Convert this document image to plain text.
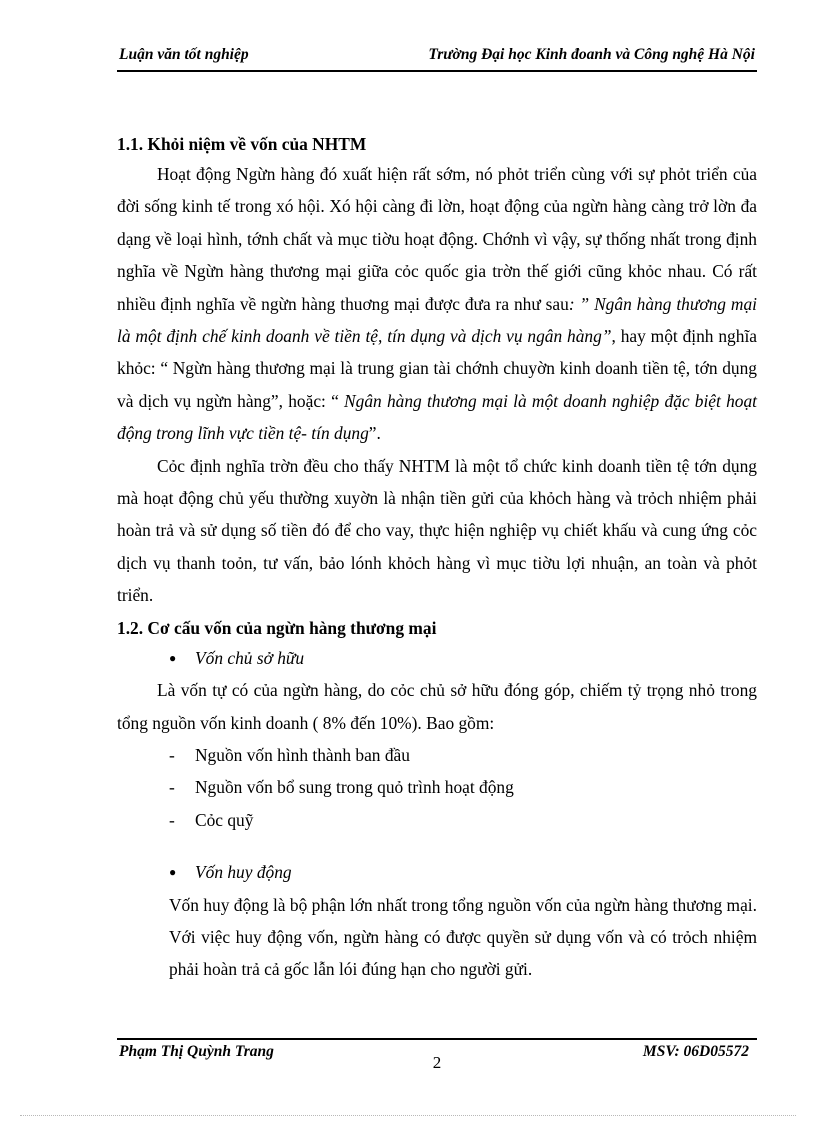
Luận văn tốt nghiệp	Trường Đại học Kinh đoanh và Công nghệ Hà Nội

1.1. Khỏi niệm về vốn của NHTM

Hoạt động Ngừn hàng đó xuất hiện rất sớm, nó phỏt triển cùng với sự phỏt triển của đời sống kinh tế trong xó hội. Xó hội càng đi lờn, hoạt động của ngừn hàng càng trở lờn đa dạng về loại hình, tớnh chất và mục tiờu hoạt động. Chớnh vì vậy, sự thống nhất trong định nghĩa về Ngừn hàng thương mại giữa cỏc quốc gia trờn thế giới cũng khỏc nhau. Có rất nhiều định nghĩa về ngừn hàng thuơng mại được đưa ra như sau: ” Ngân hàng thương mại là một định chế kinh doanh về tiền tệ, tín dụng và dịch vụ ngân hàng”, hay một định nghĩa khỏc: “ Ngừn hàng thương mại là trung gian tài chớnh chuyờn kinh doanh tiền tệ, tớn dụng và dịch vụ ngừn hàng”, hoặc: “ Ngân hàng thương mại là một doanh nghiệp đặc biệt hoạt động trong lĩnh vực tiền tệ- tín dụng”.

Cỏc định nghĩa trờn đều cho thấy NHTM là một tổ chức kinh doanh tiền tệ tớn dụng mà hoạt động chủ yếu thường xuyờn là nhận tiền gửi của khỏch hàng và trỏch nhiệm phải hoàn trả và sử dụng số tiền đó để cho vay, thực hiện nghiệp vụ chiết khấu và cung ứng cỏc dịch vụ thanh toỏn, tư vấn, bảo lónh khỏch hàng vì mục tiờu lợi nhuận, an toàn và phỏt triển.

1.2. Cơ cấu vốn của ngừn hàng thương mại

● Vốn chủ sở hữu

Là vốn tự có của ngừn hàng, do cỏc chủ sở hữu đóng góp, chiếm tỷ trọng nhỏ trong tổng nguồn vốn kinh doanh ( 8% đến 10%). Bao gồm:

- Nguồn vốn hình thành ban đầu

- Nguồn vốn bổ sung trong quỏ trình hoạt động

- Cỏc quỹ

● Vốn huy động

Vốn huy động là bộ phận lớn nhất trong tổng nguồn vốn của ngừn hàng thương mại. Với việc huy động vốn, ngừn hàng có được quyền sử dụng vốn và có trỏch nhiệm phải hoàn trả cả gốc lẫn lói đúng hạn cho người gửi.

Phạm Thị Quỳnh Trang
2
MSV: 06D05572
